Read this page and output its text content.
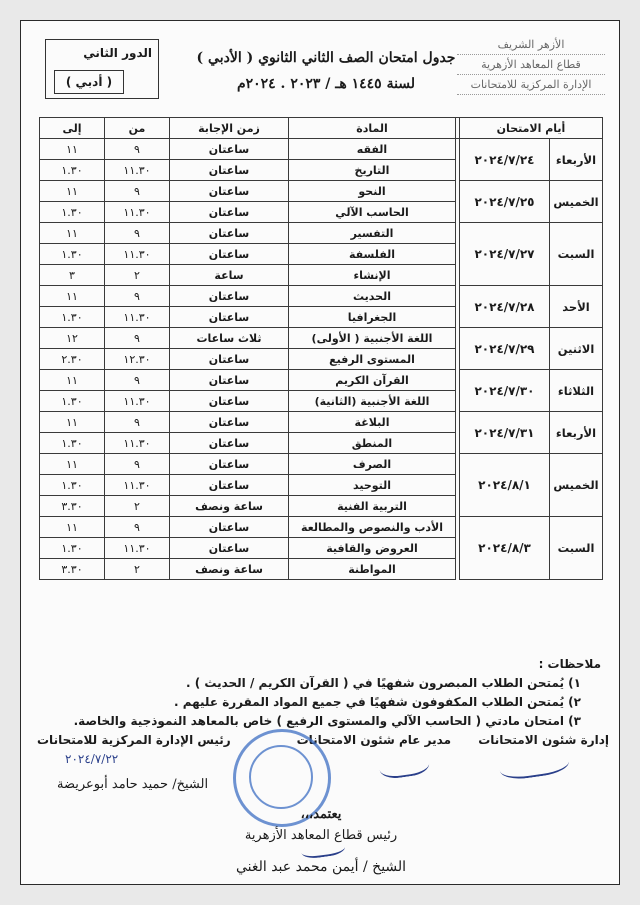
الأزهر الشريف
قطاع المعاهد الأزهرية
الإدارة المركزية للامتحانات
جدول امتحان الصف الثاني الثانوي ( الأدبي )
لسنة ١٤٤٥ هـ / ٢٠٢٣ . ٢٠٢٤م
الدور الثاني
( أدبي )
أيام الامتحان			المادة	زمن الإجابة	من	إلى
الأربعاء	٢٠٢٤/٧/٢٤		الفقه	ساعتان	٩	١١
			التاريخ	ساعتان	١١.٣٠	١.٣٠
الخميس	٢٠٢٤/٧/٢٥		النحو	ساعتان	٩	١١
			الحاسب الآلي	ساعتان	١١.٣٠	١.٣٠
السبت	٢٠٢٤/٧/٢٧		التفسير	ساعتان	٩	١١
			الفلسفة	ساعتان	١١.٣٠	١.٣٠
			الإنشاء	ساعة	٢	٣
الأحد	٢٠٢٤/٧/٢٨		الحديث	ساعتان	٩	١١
			الجغرافيا	ساعتان	١١.٣٠	١.٣٠
الاثنين	٢٠٢٤/٧/٢٩		اللغة الأجنبية ( الأولى)	ثلاث ساعات	٩	١٢
			المستوى الرفيع	ساعتان	١٢.٣٠	٢.٣٠
الثلاثاء	٢٠٢٤/٧/٣٠		القرآن الكريم	ساعتان	٩	١١
			اللغة الأجنبية (الثانية)	ساعتان	١١.٣٠	١.٣٠
الأربعاء	٢٠٢٤/٧/٣١		البلاغة	ساعتان	٩	١١
			المنطق	ساعتان	١١.٣٠	١.٣٠
الخميس	٢٠٢٤/٨/١		الصرف	ساعتان	٩	١١
			التوحيد	ساعتان	١١.٣٠	١.٣٠
			التربية الفنية	ساعة ونصف	٢	٣.٣٠
السبت	٢٠٢٤/٨/٣		الأدب والنصوص والمطالعة	ساعتان	٩	١١
			العروض والقافية	ساعتان	١١.٣٠	١.٣٠
			المواطنة	ساعة ونصف	٢	٣.٣٠
ملاحظات :
١) يُمتحن الطلاب المبصرون شفهيًا في ( القرآن الكريم / الحديث ) .
٢) يُمتحن الطلاب المكفوفون شفهيًا في جميع المواد المقررة عليهم .
٣) امتحان مادتي ( الحاسب الآلي والمستوى الرفيع ) خاص بالمعاهد النموذجية والخاصة.
إدارة شئون الامتحانات
مدير عام شئون الامتحانات
رئيس الإدارة المركزية للامتحانات
٢٠٢٤/٧/٢٢
الشيخ/ حميد حامد أبوعريضة
يعتمد،،،
رئيس قطاع المعاهد الأزهرية
الشيخ / أيمن محمد عبد الغني
